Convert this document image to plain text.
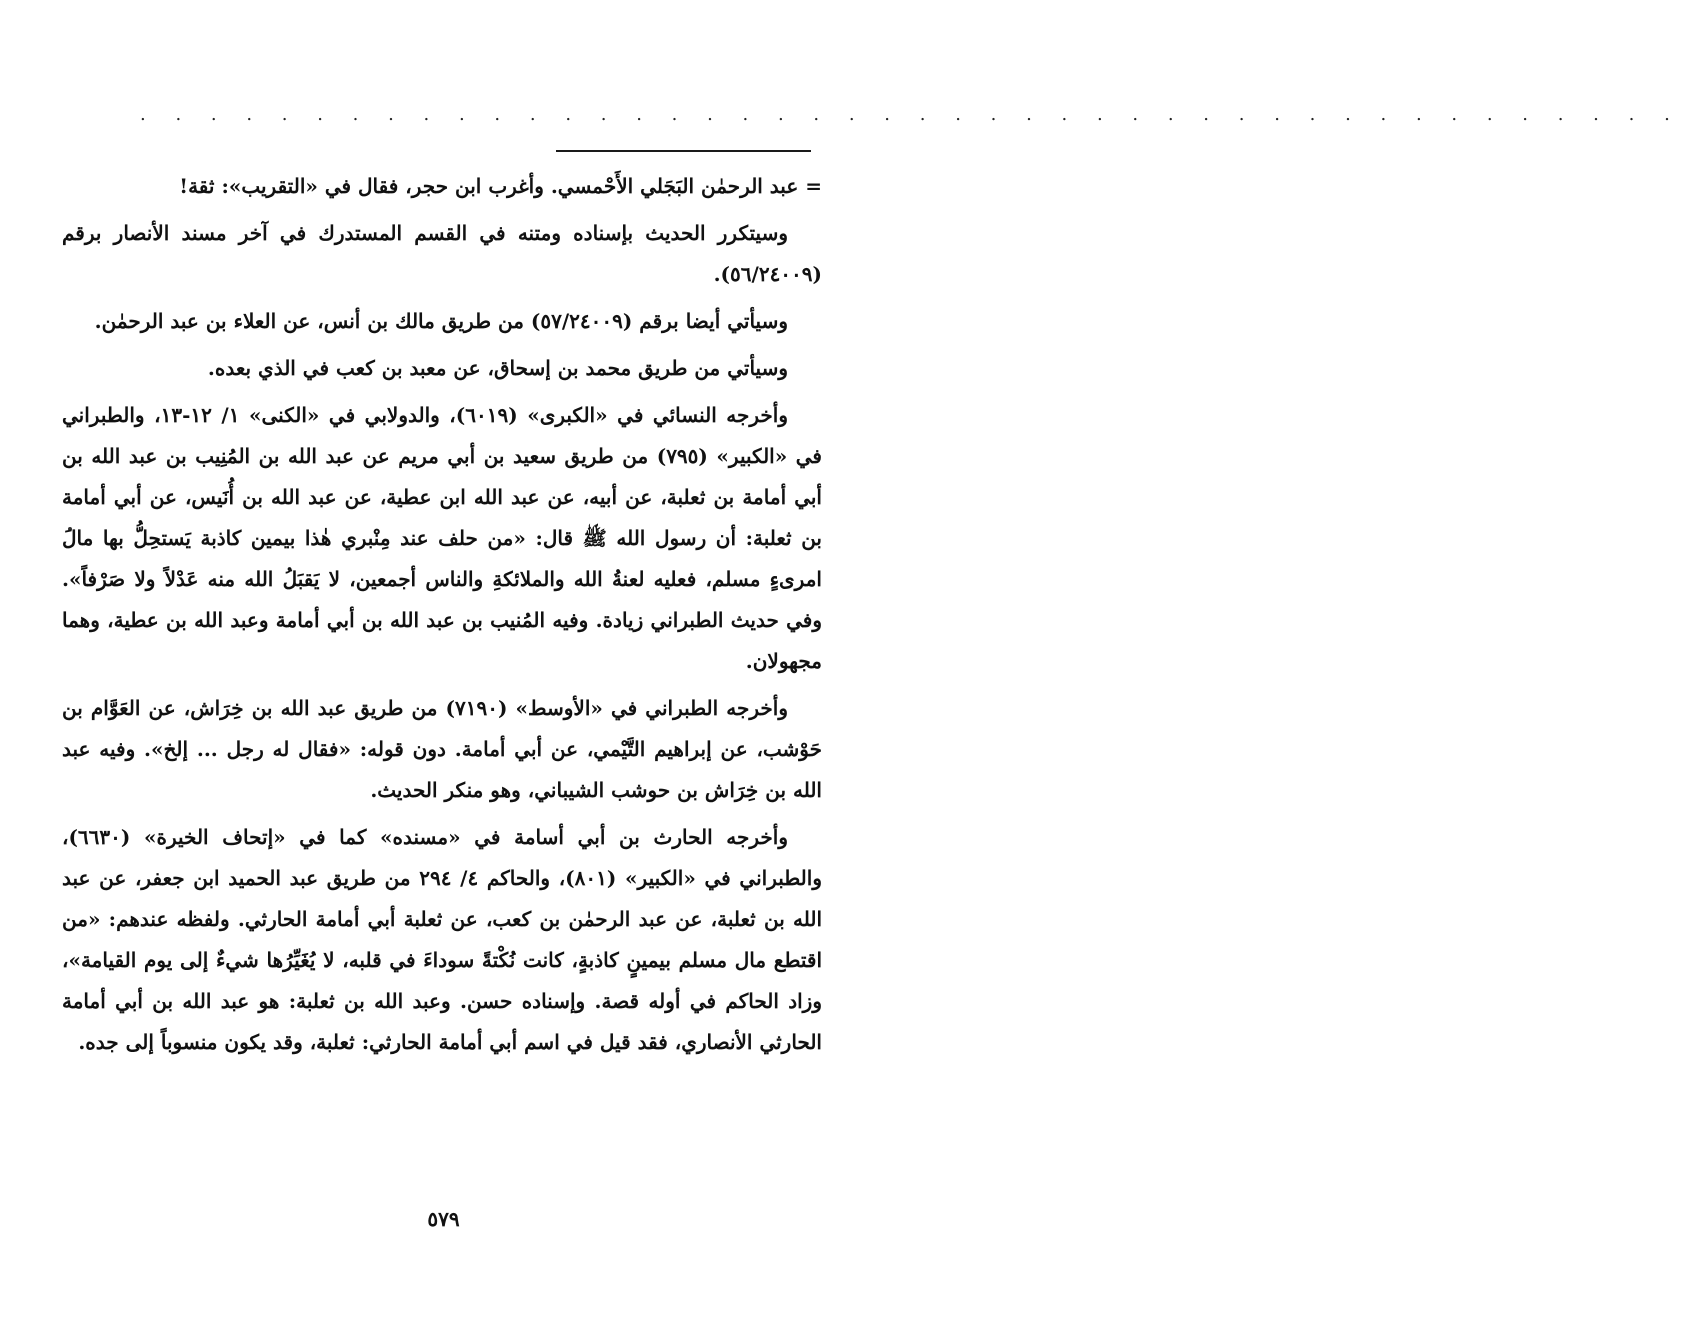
. . . . . . . . . . . . . . . . . . . . . . . . . . . . . . . . . . . . . . . . . . . .

= عبد الرحمٰن البَجَلي الأَحْمسي. وأغرب ابن حجر، فقال في «التقريب»: ثقة!

وسيتكرر الحديث بإسناده ومتنه في القسم المستدرك في آخر مسند الأنصار برقم (٥٦/٢٤٠٠٩).

وسيأتي أيضا برقم (٥٧/٢٤٠٠٩) من طريق مالك بن أنس، عن العلاء بن عبد الرحمٰن.

وسيأتي من طريق محمد بن إسحاق، عن معبد بن كعب في الذي بعده.

وأخرجه النسائي في «الكبرى» (٦٠١٩)، والدولابي في «الكنى» ١/ ١٢-١٣، والطبراني في «الكبير» (٧٩٥) من طريق سعيد بن أبي مريم عن عبد الله بن المُنِيب بن عبد الله بن أبي أمامة بن ثعلبة، عن أبيه، عن عبد الله ابن عطية، عن عبد الله بن أُنَيس، عن أبي أمامة بن ثعلبة: أن رسول الله ﷺ قال: «من حلف عند مِنْبري هٰذا بيمين كاذبة يَستحِلُّ بها مالَ امرىءٍ مسلم، فعليه لعنةُ الله والملائكةِ والناس أجمعين، لا يَقبَلُ الله منه عَدْلاً ولا صَرْفاً». وفي حديث الطبراني زيادة. وفيه المُنيب بن عبد الله بن أبي أمامة وعبد الله بن عطية، وهما مجهولان.

وأخرجه الطبراني في «الأوسط» (٧١٩٠) من طريق عبد الله بن خِرَاش، عن العَوَّام بن حَوْشب، عن إبراهيم التَّيْمي، عن أبي أمامة. دون قوله: «فقال له رجل ... إلخ». وفيه عبد الله بن خِرَاش بن حوشب الشيباني، وهو منكر الحديث.

وأخرجه الحارث بن أبي أسامة في «مسنده» كما في «إتحاف الخيرة» (٦٦٣٠)، والطبراني في «الكبير» (٨٠١)، والحاكم ٤/ ٢٩٤ من طريق عبد الحميد ابن جعفر، عن عبد الله بن ثعلبة، عن عبد الرحمٰن بن كعب، عن ثعلبة أبي أمامة الحارثي. ولفظه عندهم: «من اقتطع مال مسلم بيمينٍ كاذبةٍ، كانت نُكْتةً سوداءَ في قلبه، لا يُغَيِّرُها شيءٌ إلى يوم القيامة»، وزاد الحاكم في أوله قصة. وإسناده حسن. وعبد الله بن ثعلبة: هو عبد الله بن أبي أمامة الحارثي الأنصاري، فقد قيل في اسم أبي أمامة الحارثي: ثعلبة، وقد يكون منسوباً إلى جده.

٥٧٩
